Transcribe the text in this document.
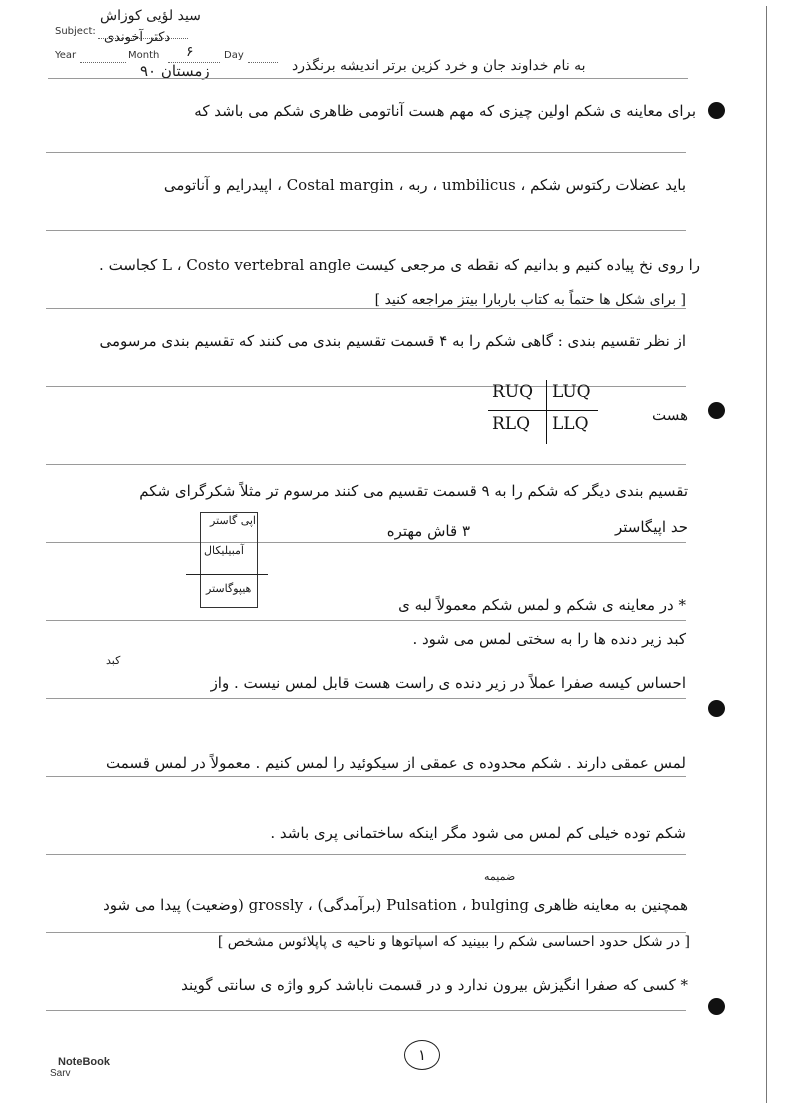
Subject:
Year	Month	Day
سید لؤیی کوزاش
دکتر آخوندی
۶
زمستان ۹۰	به نام خداوند جان و خرد کزین برتر اندیشه برنگذرد
برای معاینه ی شکم اولین چیزی که مهم هست آناتومی ظاهری شکم می باشد که
باید عضلات رکتوس شکم ، umbilicus ، ربه ، Costal margin ، اپیدرایم و آناتومی
را روی نخ پیاده کنیم و بدانیم که نقطه ی مرجعی کیست L ، Costo vertebral angle کجاست .
[ برای شکل ها حتماً به کتاب باربارا بیتز مراجعه کنید ]
از نظر تقسیم بندی : گاهی شکم را به ۴ قسمت تقسیم بندی می کنند که تقسیم بندی مرسومی
هست
RUQ LUQ
RLQ LLQ
تقسیم بندی دیگر که شکم را به ۹ قسمت تقسیم می کنند مرسوم تر مثلاً شکرگرای شکم
حد اپیگاستر
۳ قاش مهتره
اپی گاستر
آمبیلیکال
هیپوگاستر
* در معاینه ی شکم و لمس شکم معمولاً لبه ی
کبد زیر دنده ها را به سختی لمس می شود .
کبد
احساس کیسه صفرا عملاً در زیر دنده ی راست هست قابل لمس نیست . واز
لمس عمقی دارند . شکم محدوده ی عمقی از سیکوئید را لمس کنیم . معمولاً در لمس قسمت
شکم توده خیلی کم لمس می شود مگر اینکه ساختمانی پری باشد .
ضمیمه
همچنین به معاینه ظاهری Pulsation ، bulging (برآمدگی) ، grossly (وضعیت) پیدا می شود
[ در شکل حدود احساسی شکم را ببینید که اسپاتوها و ناحیه ی پاپلائوس مشخص ]
* کسی که صفرا انگیزش بیرون ندارد و در قسمت ناباشد کرو واژه ی سانتی گویند
۱
NoteBook
Sarv
